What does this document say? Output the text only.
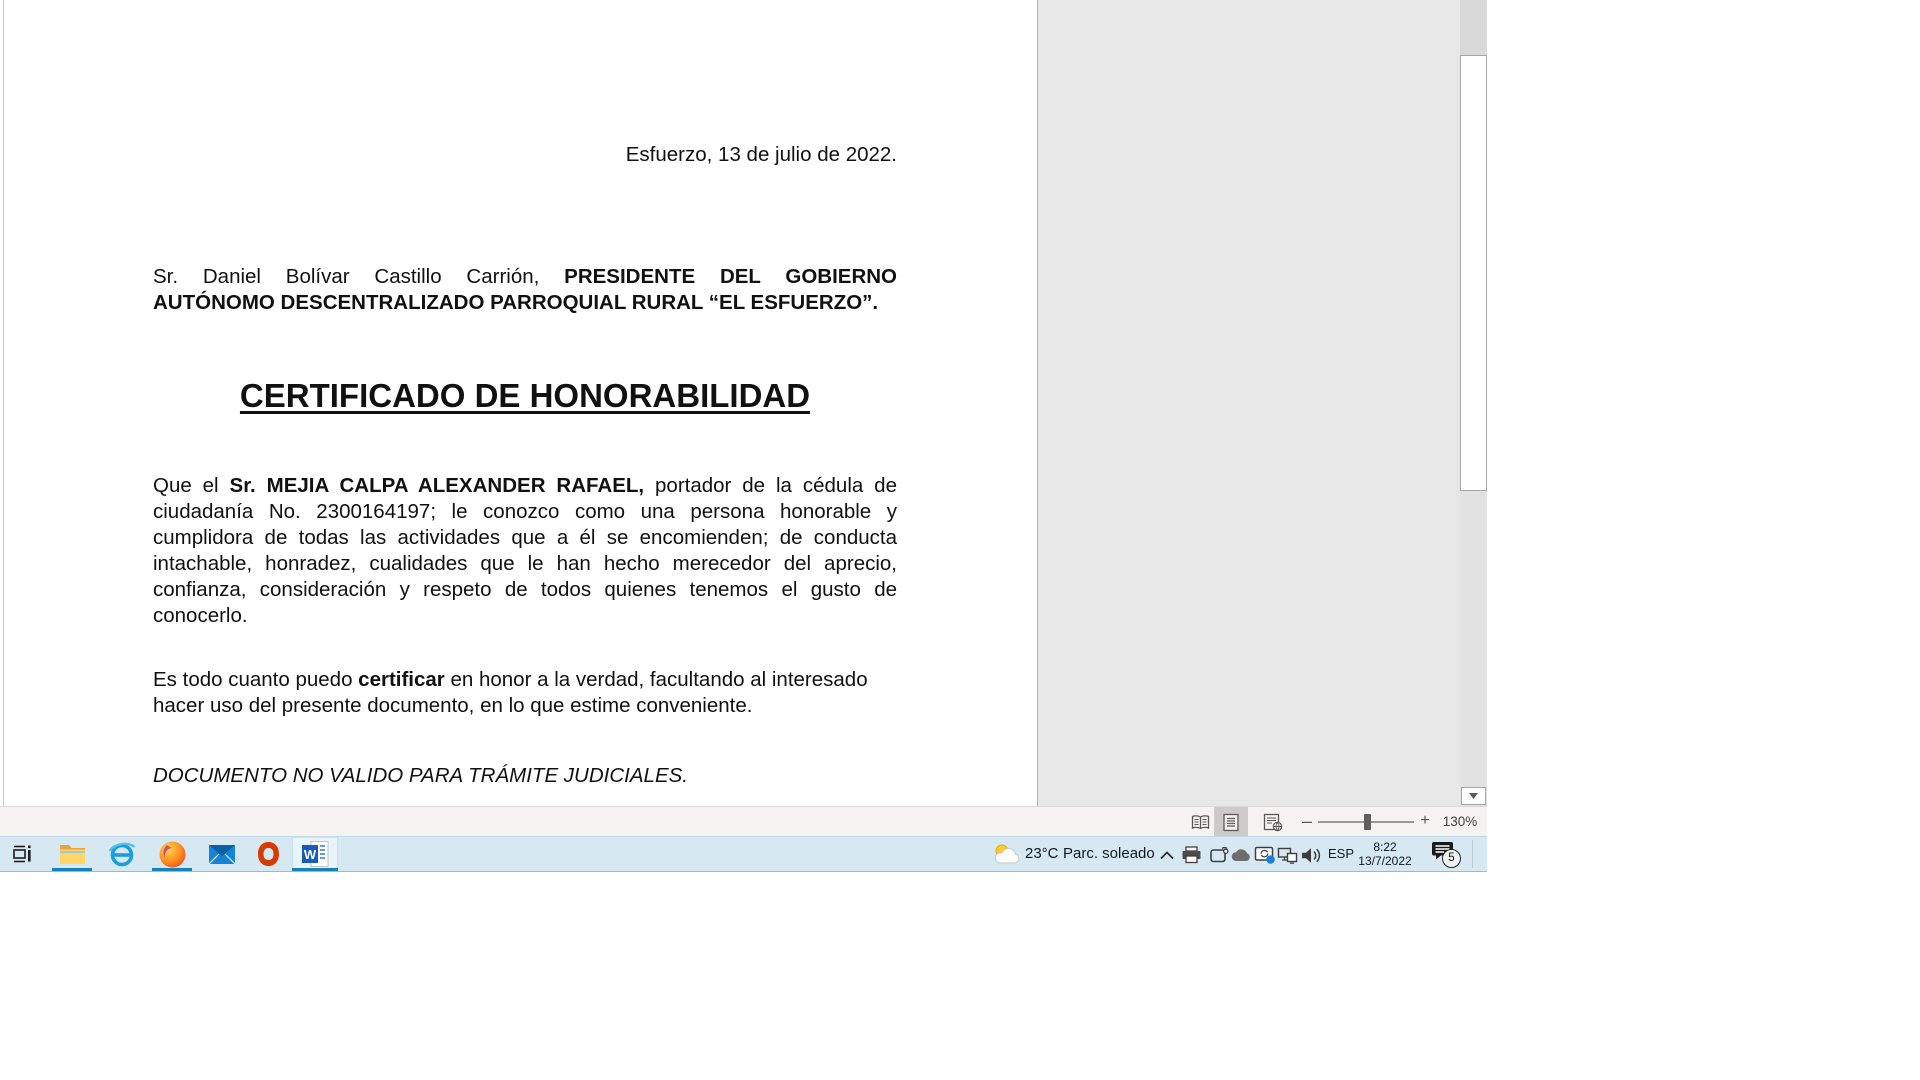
Esfuerzo, 13 de julio de 2022.
Sr. Daniel Bolívar Castillo Carrión, PRESIDENTE DEL GOBIERNO
AUTÓNOMO DESCENTRALIZADO PARROQUIAL RURAL “EL ESFUERZO”.
CERTIFICADO DE HONORABILIDAD
Que el Sr. MEJIA CALPA ALEXANDER RAFAEL, portador de la cédula de
ciudadanía No. 2300164197; le conozco como una persona honorable y
cumplidora de todas las actividades que a él se encomienden; de conducta
intachable, honradez, cualidades que le han hecho merecedor del aprecio,
confianza, consideración y respeto de todos quienes tenemos el gusto de
conocerlo.
Es todo cuanto puedo certificar en honor a la verdad, facultando al interesado
hacer uso del presente documento, en lo que estime conveniente.
DOCUMENTO NO VALIDO PARA TRÁMITE JUDICIALES.
–	+ 130%
W	23°C Parc. soleado	ESP	8:22
13/7/2022	5
